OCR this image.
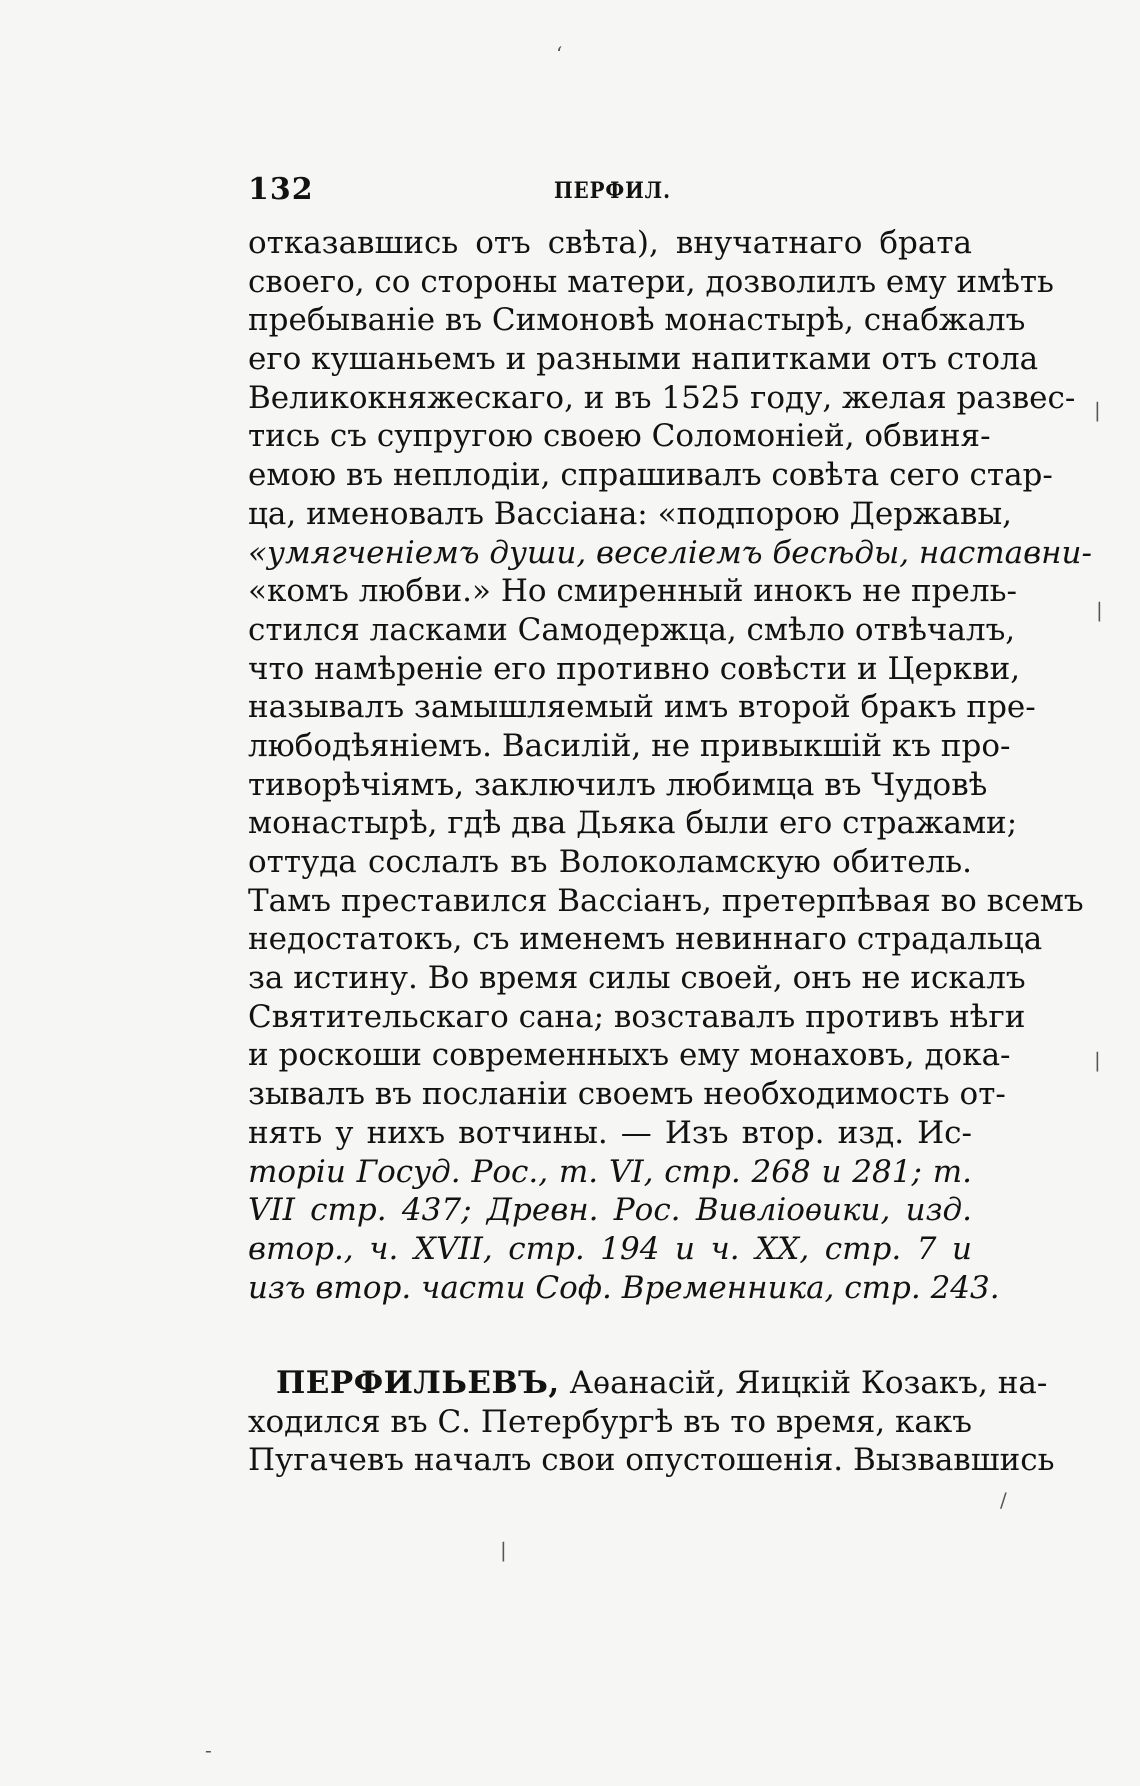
‘
|
|
|
/
|
-
132	ПЕРФИЛ.
отказавшись отъ свѣта), внучатнаго брата
своего, со стороны матери, дозволилъ ему имѣть
пребываніе въ Симоновѣ монастырѣ, снабжалъ
его кушаньемъ и разными напитками отъ стола
Великокняжескаго, и въ 1525 году, желая развес-
тись съ супругою своею Соломоніей, обвиня-
емою въ неплодіи, спрашивалъ совѣта сего стар-
ца, именовалъ Вассіана: «подпорою Державы,
«умягченіемъ души, веселіемъ бесѣды, наставни-
«комъ любви.» Но смиренный инокъ не прель-
стился ласками Самодержца, смѣло отвѣчалъ,
что намѣреніе его противно совѣсти и Церкви,
называлъ замышляемый имъ второй бракъ пре-
любодѣяніемъ. Василій, не привыкшій къ про-
тиворѣчіямъ, заключилъ любимца въ Чудовѣ
монастырѣ, гдѣ два Дьяка были его стражами;
оттуда сослалъ въ Волоколамскую обитель.
Тамъ преставился Вассіанъ, претерпѣвая во всемъ
недостатокъ, съ именемъ невиннаго страдальца
за истину. Во время силы своей, онъ не искалъ
Святительскаго сана; возставалъ противъ нѣги
и роскоши современныхъ ему монаховъ, дока-
зывалъ въ посланіи своемъ необходимость от-
нять у нихъ вотчины. — Изъ втор. изд. Ис-
торіи Госуд. Рос., т. VI, стр. 268 и 281; т.
VII стр. 437; Древн. Рос. Вивліоѳики, изд.
втор., ч. XVII, стр. 194 и ч. XX, стр. 7 и
изъ втор. части Соф. Временника, стр. 243.
ПЕРФИЛЬЕВЪ, Аѳанасій, Яицкій Козакъ, на-
ходился въ С. Петербургѣ въ то время, какъ
Пугачевъ началъ свои опустошенія. Вызвавшись
